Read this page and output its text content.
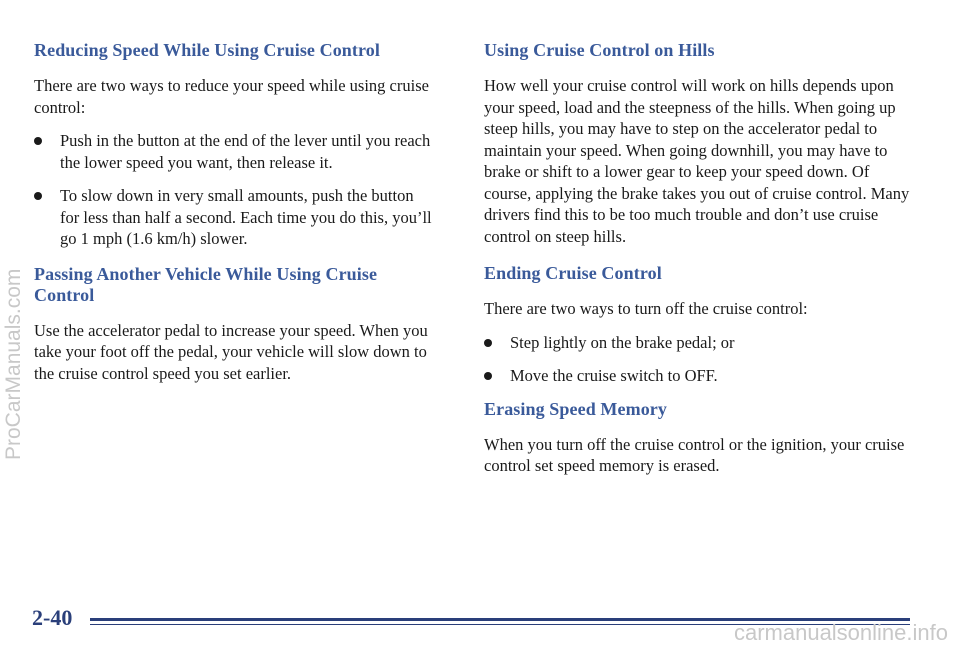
Reducing Speed While Using Cruise Control

There are two ways to reduce your speed while using cruise control:

Push in the button at the end of the lever until you reach the lower speed you want, then release it.
To slow down in very small amounts, push the button for less than half a second. Each time you do this, you’ll go 1 mph (1.6 km/h) slower.
Passing Another Vehicle While Using Cruise Control

Use the accelerator pedal to increase your speed. When you take your foot off the pedal, your vehicle will slow down to the cruise control speed you set earlier.

Using Cruise Control on Hills

How well your cruise control will work on hills depends upon your speed, load and the steepness of the hills. When going up steep hills, you may have to step on the accelerator pedal to maintain your speed. When going downhill, you may have to brake or shift to a lower gear to keep your speed down. Of course, applying the brake takes you out of cruise control. Many drivers find this to be too much trouble and don’t use cruise control on steep hills.

Ending Cruise Control

There are two ways to turn off the cruise control:

Step lightly on the brake pedal; or
Move the cruise switch to OFF.
Erasing Speed Memory

When you turn off the cruise control or the ignition, your cruise control set speed memory is erased.

ProCarManuals.com
2-40
carmanualsonline.info
